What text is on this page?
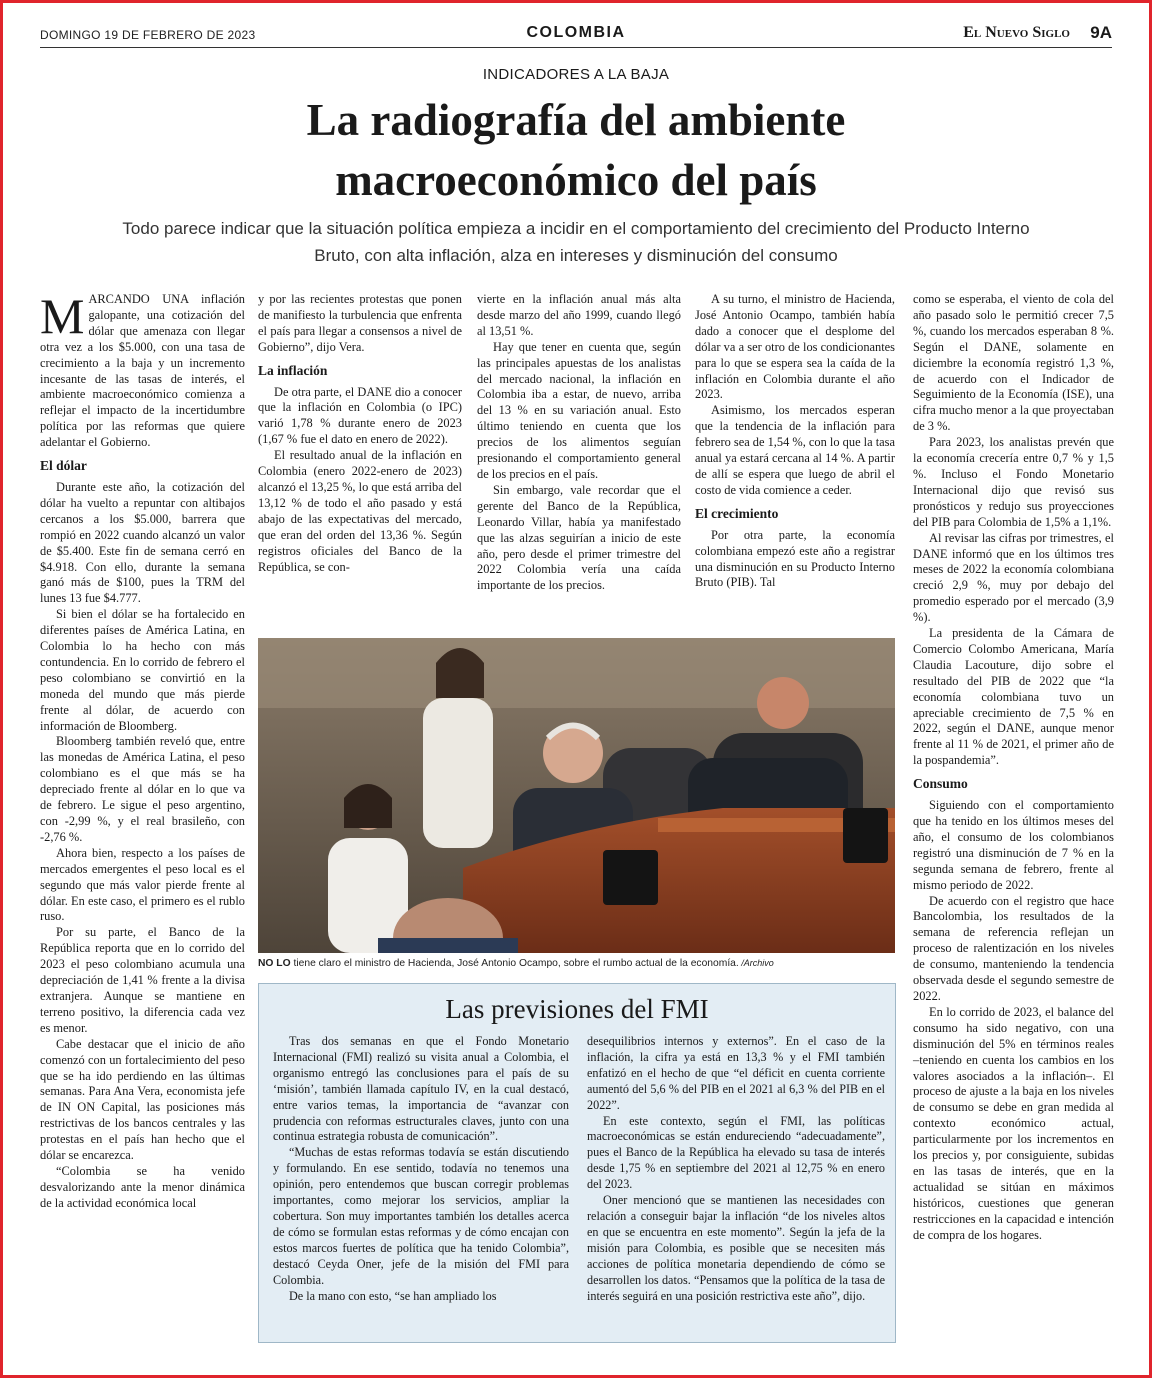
DOMINGO 19 DE FEBRERO DE 2023	COLOMBIA	El Nuevo Siglo 9A
INDICADORES A LA BAJA
La radiografía del ambiente macroeconómico del país
Todo parece indicar que la situación política empieza a incidir en el comportamiento del crecimiento del Producto Interno Bruto, con alta inflación, alza en intereses y disminución del consumo

MARCANDO UNA inflación galopante, una cotización del dólar que amenaza con llegar otra vez a los $5.000, con una tasa de crecimiento a la baja y un incremento incesante de las tasas de interés, el ambiente macroeconómico comienza a reflejar el impacto de la incertidumbre política por las reformas que quiere adelantar el Gobierno.

El dólar

Durante este año, la cotización del dólar ha vuelto a repuntar con altibajos cercanos a los $5.000, barrera que rompió en 2022 cuando alcanzó un valor de $5.400. Este fin de semana cerró en $4.918. Con ello, durante la semana ganó más de $100, pues la TRM del lunes 13 fue $4.777.

Si bien el dólar se ha fortalecido en diferentes países de América Latina, en Colombia lo ha hecho con más contundencia. En lo corrido de febrero el peso colombiano se convirtió en la moneda del mundo que más pierde frente al dólar, de acuerdo con información de Bloomberg.

Bloomberg también reveló que, entre las monedas de América Latina, el peso colombiano es el que más se ha depreciado frente al dólar en lo que va de febrero. Le sigue el peso argentino, con -2,99 %, y el real brasileño, con -2,76 %.

Ahora bien, respecto a los países de mercados emergentes el peso local es el segundo que más valor pierde frente al dólar. En este caso, el primero es el rublo ruso.

Por su parte, el Banco de la República reporta que en lo corrido del 2023 el peso colombiano acumula una depreciación de 1,41 % frente a la divisa extranjera. Aunque se mantiene en terreno positivo, la diferencia cada vez es menor.

Cabe destacar que el inicio de año comenzó con un fortalecimiento del peso que se ha ido perdiendo en las últimas semanas. Para Ana Vera, economista jefe de IN ON Capital, las posiciones más restrictivas de los bancos centrales y las protestas en el país han hecho que el dólar se encarezca.

“Colombia se ha venido desvalorizando ante la menor dinámica de la actividad económica local

y por las recientes protestas que ponen de manifiesto la turbulencia que enfrenta el país para llegar a consensos a nivel de Gobierno”, dijo Vera.

La inflación

De otra parte, el DANE dio a conocer que la inflación en Colombia (o IPC) varió 1,78 % durante enero de 2023 (1,67 % fue el dato en enero de 2022).

El resultado anual de la inflación en Colombia (enero 2022-enero de 2023) alcanzó el 13,25 %, lo que está arriba del 13,12 % de todo el año pasado y está abajo de las expectativas del mercado, que eran del orden del 13,36 %. Según registros oficiales del Banco de la República, se con-

vierte en la inflación anual más alta desde marzo del año 1999, cuando llegó al 13,51 %.

Hay que tener en cuenta que, según las principales apuestas de los analistas del mercado nacional, la inflación en Colombia iba a estar, de nuevo, arriba del 13 % en su variación anual. Esto último teniendo en cuenta que los precios de los alimentos seguían presionando el comportamiento general de los precios en el país.

Sin embargo, vale recordar que el gerente del Banco de la República, Leonardo Villar, había ya manifestado que las alzas seguirían a inicio de este año, pero desde el primer trimestre del 2022 Colombia vería una caída importante de los precios.

A su turno, el ministro de Hacienda, José Antonio Ocampo, también había dado a conocer que el desplome del dólar va a ser otro de los condicionantes para lo que se espera sea la caída de la inflación en Colombia durante el año 2023.

Asimismo, los mercados esperan que la tendencia de la inflación para febrero sea de 1,54 %, con lo que la tasa anual ya estará cercana al 14 %. A partir de allí se espera que luego de abril el costo de vida comience a ceder.

El crecimiento

Por otra parte, la economía colombiana empezó este año a registrar una disminución en su Producto Interno Bruto (PIB). Tal

como se esperaba, el viento de cola del año pasado solo le permitió crecer 7,5 %, cuando los mercados esperaban 8 %. Según el DANE, solamente en diciembre la economía registró 1,3 %, de acuerdo con el Indicador de Seguimiento de la Economía (ISE), una cifra mucho menor a la que proyectaban de 3 %.

Para 2023, los analistas prevén que la economía crecería entre 0,7 % y 1,5 %. Incluso el Fondo Monetario Internacional dijo que revisó sus pronósticos y redujo sus proyecciones del PIB para Colombia de 1,5% a 1,1%.

Al revisar las cifras por trimestres, el DANE informó que en los últimos tres meses de 2022 la economía colombiana creció 2,9 %, muy por debajo del promedio esperado por el mercado (3,9 %).

La presidenta de la Cámara de Comercio Colombo Americana, María Claudia Lacouture, dijo sobre el resultado del PIB de 2022 que “la economía colombiana tuvo un apreciable crecimiento de 7,5 % en 2022, según el DANE, aunque menor frente al 11 % de 2021, el primer año de la pospandemia”.

Consumo

Siguiendo con el comportamiento que ha tenido en los últimos meses del año, el consumo de los colombianos registró una disminución de 7 % en la segunda semana de febrero, frente al mismo periodo de 2022.

De acuerdo con el registro que hace Bancolombia, los resultados de la semana de referencia reflejan un proceso de ralentización en los niveles de consumo, manteniendo la tendencia observada desde el segundo semestre de 2022.

En lo corrido de 2023, el balance del consumo ha sido negativo, con una disminución del 5% en términos reales –teniendo en cuenta los cambios en los valores asociados a la inflación–. El proceso de ajuste a la baja en los niveles de consumo se debe en gran medida al contexto económico actual, particularmente por los incrementos en los precios y, por consiguiente, subidas en las tasas de interés, que en la actualidad se sitúan en máximos históricos, cuestiones que generan restricciones en la capacidad e intención de compra de los hogares.

NO LO tiene claro el ministro de Hacienda, José Antonio Ocampo, sobre el rumbo actual de la economía. /Archivo
Las previsiones del FMI

Tras dos semanas en que el Fondo Monetario Internacional (FMI) realizó su visita anual a Colombia, el organismo entregó las conclusiones para el país de su ‘misión’, también llamada capítulo IV, en la cual destacó, entre varios temas, la importancia de “avanzar con prudencia con reformas estructurales claves, junto con una continua estrategia robusta de comunicación”.

“Muchas de estas reformas todavía se están discutiendo y formulando. En ese sentido, todavía no tenemos una opinión, pero entendemos que buscan corregir problemas importantes, como mejorar los servicios, ampliar la cobertura. Son muy importantes también los detalles acerca de cómo se formulan estas reformas y de cómo encajan con estos marcos fuertes de política que ha tenido Colombia”, destacó Ceyda Oner, jefe de la misión del FMI para Colombia.

De la mano con esto, “se han ampliado los

desequilibrios internos y externos”. En el caso de la inflación, la cifra ya está en 13,3 % y el FMI también enfatizó en el hecho de que “el déficit en cuenta corriente aumentó del 5,6 % del PIB en el 2021 al 6,3 % del PIB en el 2022”.

En este contexto, según el FMI, las políticas macroeconómicas se están endureciendo “adecuadamente”, pues el Banco de la República ha elevado su tasa de interés desde 1,75 % en septiembre del 2021 al 12,75 % en enero del 2023.

Oner mencionó que se mantienen las necesidades con relación a conseguir bajar la inflación “de los niveles altos en que se encuentra en este momento”. Según la jefa de la misión para Colombia, es posible que se necesiten más acciones de política monetaria dependiendo de cómo se desarrollen los datos. “Pensamos que la política de la tasa de interés seguirá en una posición restrictiva este año”, dijo.
